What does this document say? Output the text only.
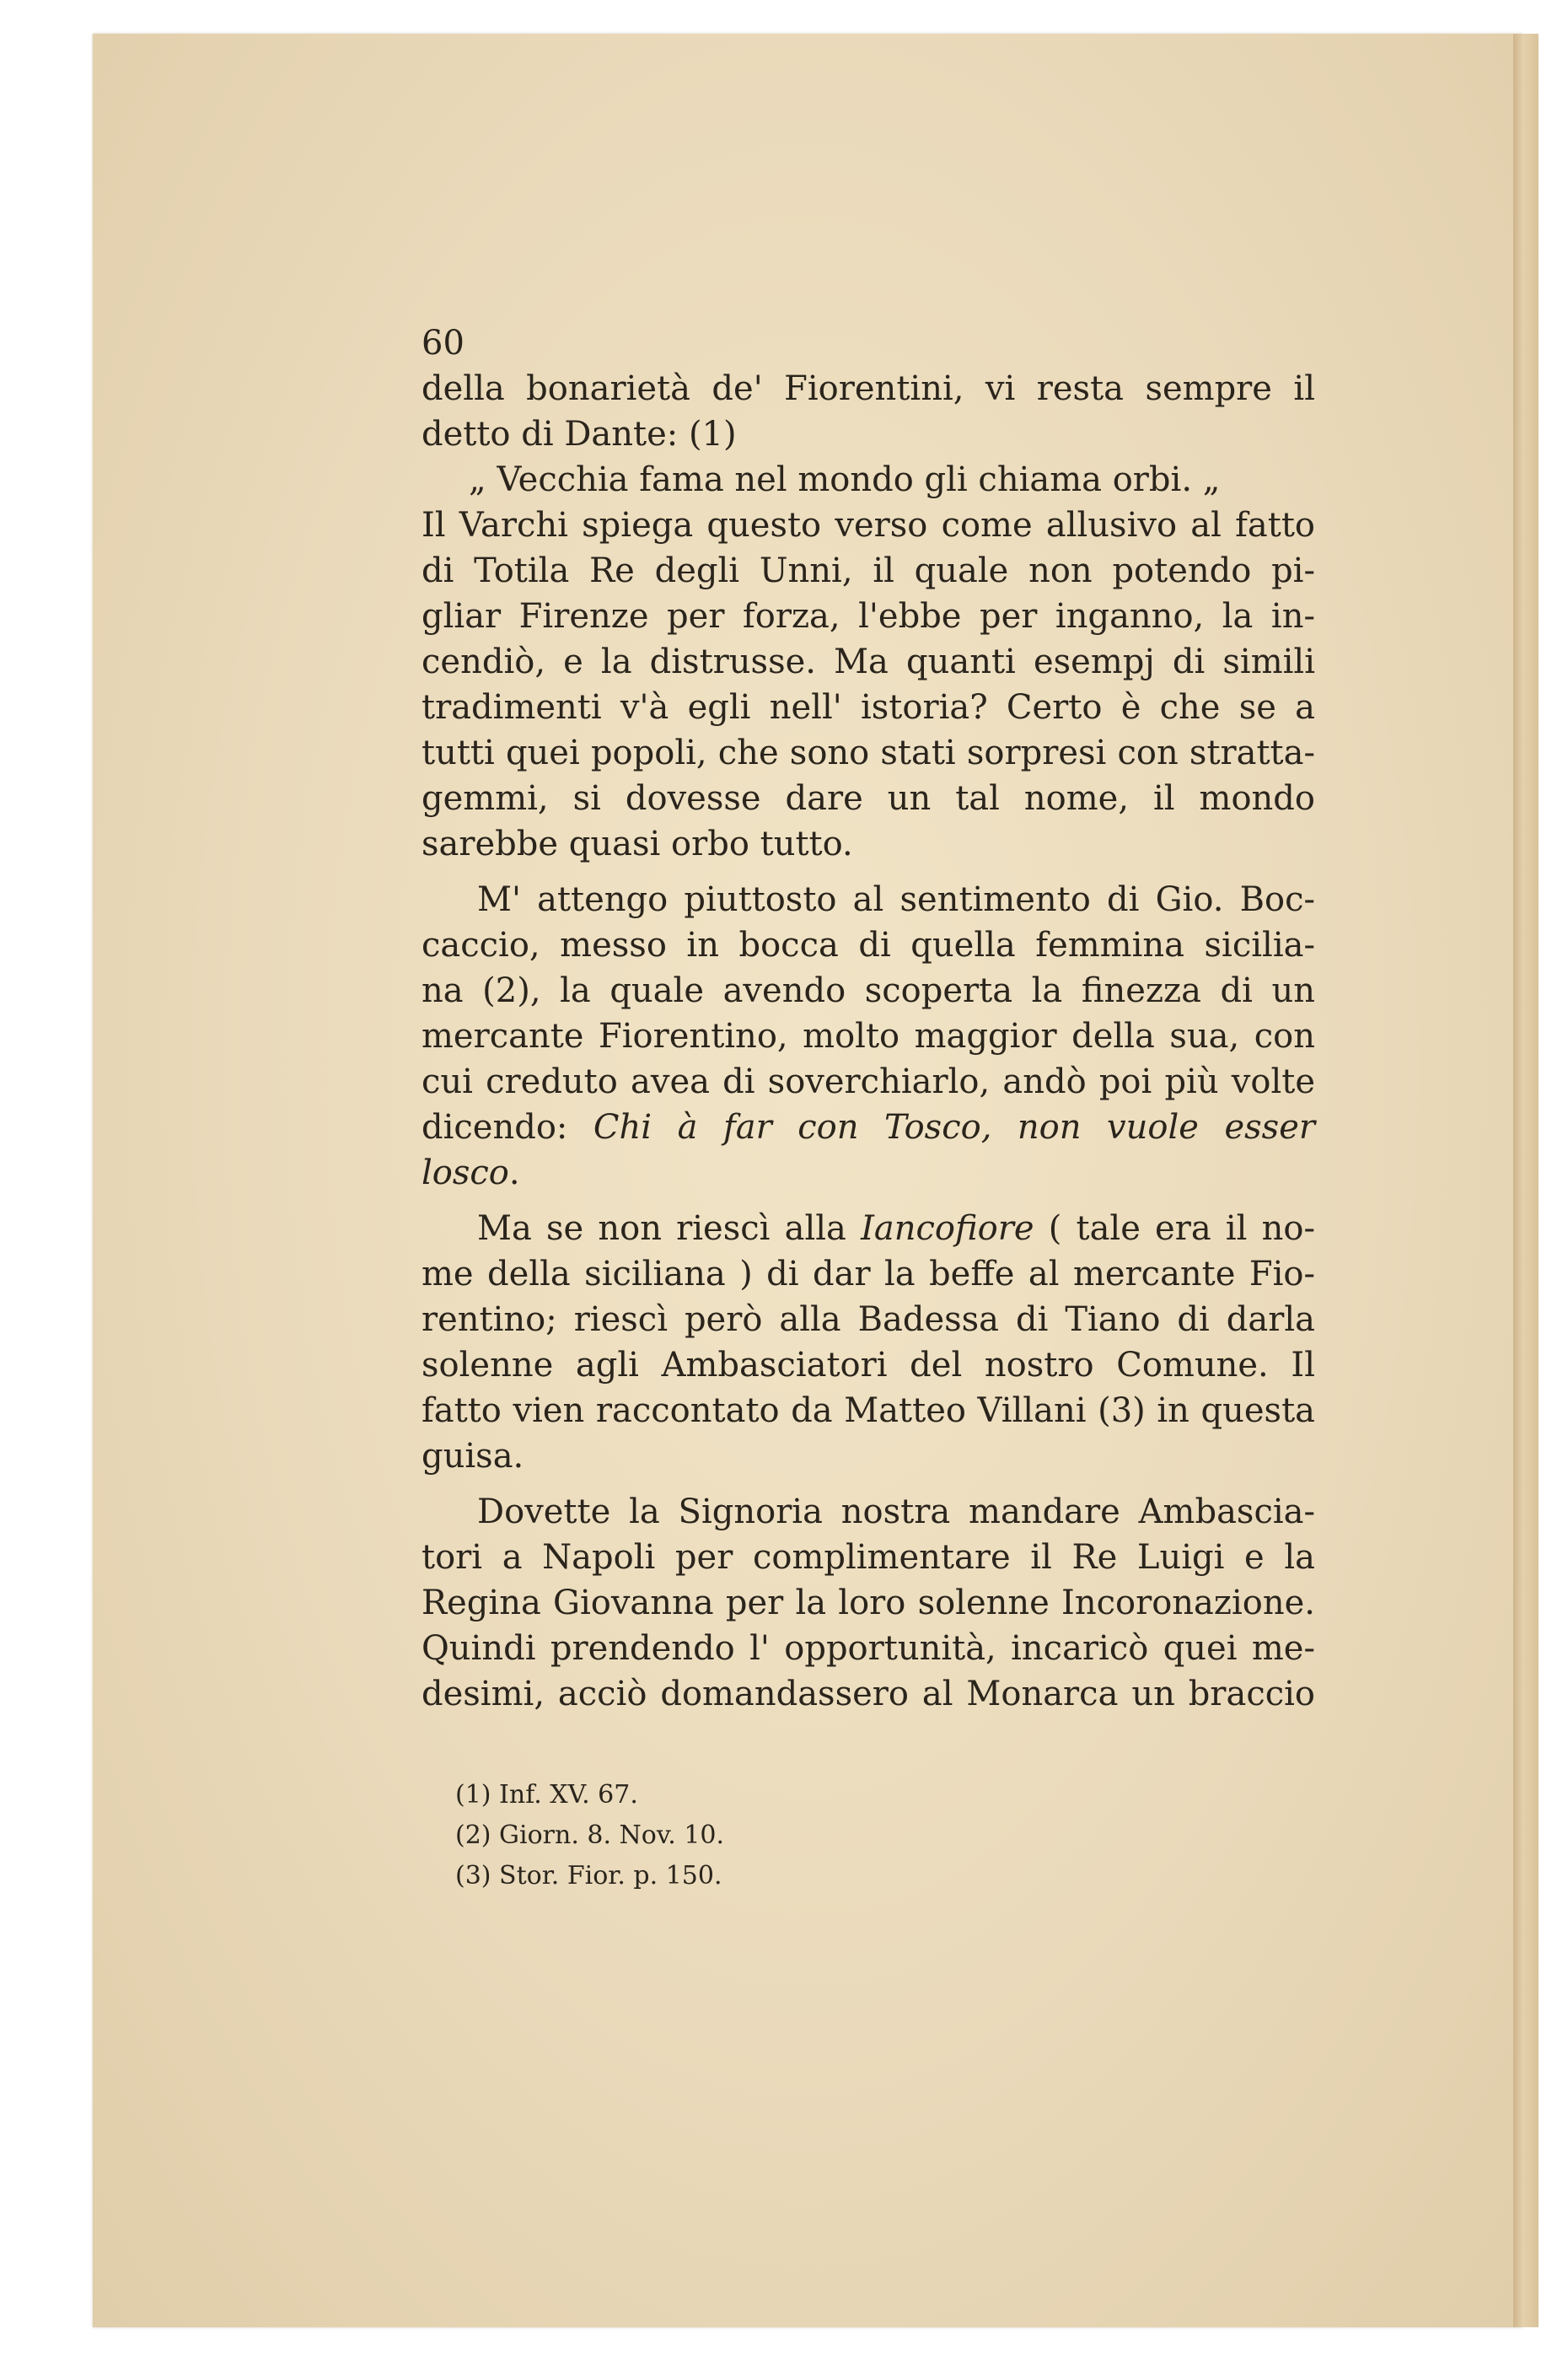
60
della bonarietà de' Fiorentini, vi resta sempre il
detto di Dante: (1)
„ Vecchia fama nel mondo gli chiama orbi. „
Il Varchi spiega questo verso come allusivo al fatto
di Totila Re degli Unni, il quale non potendo pi-
gliar Firenze per forza, l'ebbe per inganno, la in-
cendiò, e la distrusse. Ma quanti esempj di simili
tradimenti v'à egli nell' istoria? Certo è che se a
tutti quei popoli, che sono stati sorpresi con stratta-
gemmi, si dovesse dare un tal nome, il mondo
sarebbe quasi orbo tutto.
M' attengo piuttosto al sentimento di Gio. Boc-
caccio, messo in bocca di quella femmina sicilia-
na (2), la quale avendo scoperta la finezza di un
mercante Fiorentino, molto maggior della sua, con
cui creduto avea di soverchiarlo, andò poi più volte
dicendo: Chi à far con Tosco, non vuole esser
losco.
Ma se non riescì alla Iancofiore ( tale era il no-
me della siciliana ) di dar la beffe al mercante Fio-
rentino; riescì però alla Badessa di Tiano di darla
solenne agli Ambasciatori del nostro Comune. Il
fatto vien raccontato da Matteo Villani (3) in questa
guisa.
Dovette la Signoria nostra mandare Ambascia-
tori a Napoli per complimentare il Re Luigi e la
Regina Giovanna per la loro solenne Incoronazione.
Quindi prendendo l' opportunità, incaricò quei me-
desimi, acciò domandassero al Monarca un braccio
(1) Inf. XV. 67.
(2) Giorn. 8. Nov. 10.
(3) Stor. Fior. p. 150.
